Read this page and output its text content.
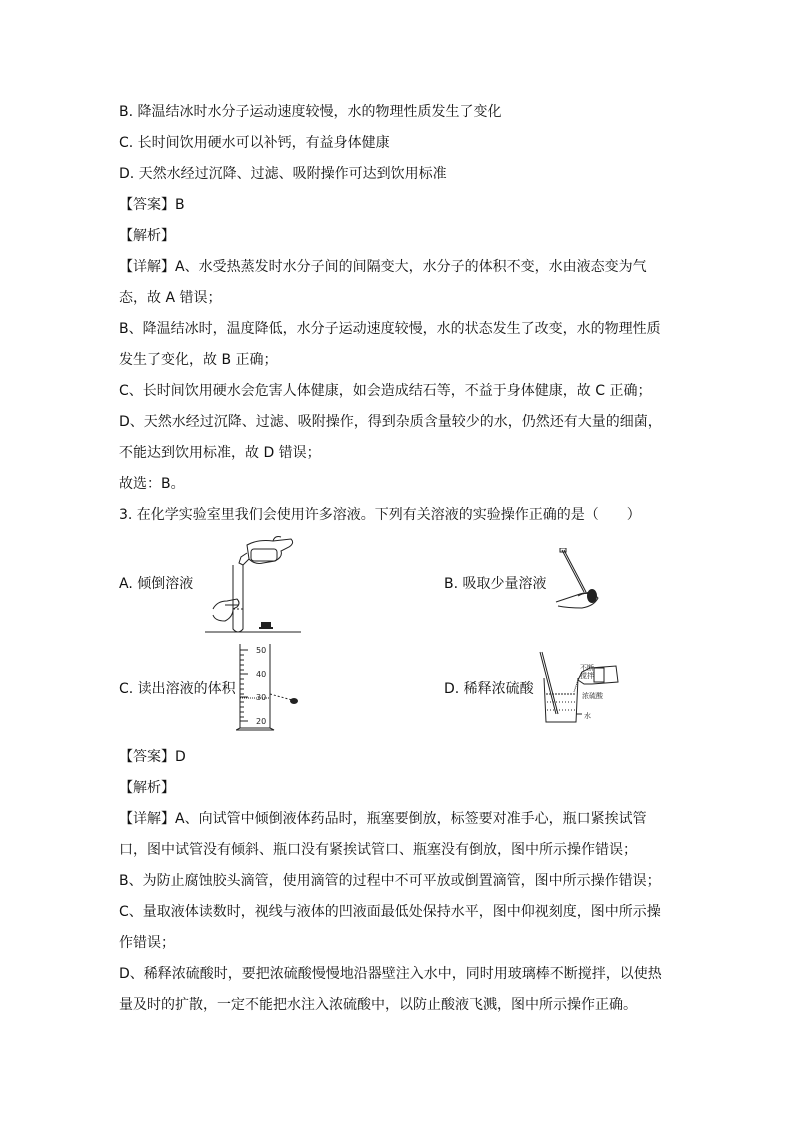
B. 降温结冰时水分子运动速度较慢，水的物理性质发生了变化
C. 长时间饮用硬水可以补钙，有益身体健康
D. 天然水经过沉降、过滤、吸附操作可达到饮用标准
【答案】B
【解析】
【详解】A、水受热蒸发时水分子间的间隔变大，水分子的体积不变，水由液态变为气
态，故 A 错误；
B、降温结冰时，温度降低，水分子运动速度较慢，水的状态发生了改变，水的物理性质
发生了变化，故 B 正确；
C、长时间饮用硬水会危害人体健康，如会造成结石等，不益于身体健康，故 C 正确；
D、天然水经过沉降、过滤、吸附操作，得到杂质含量较少的水，仍然还有大量的细菌，
不能达到饮用标准，故 D 错误；
故选：B。
3. 在化学实验室里我们会使用许多溶液。下列有关溶液的实验操作正确的是（　　）
A. 倾倒溶液	B. 吸取少量溶液
C. 读出溶液的体积	D. 稀释浓硫酸
50
40
30
20
不断
搅拌
浓硫酸
水
【答案】D
【解析】
【详解】A、向试管中倾倒液体药品时，瓶塞要倒放，标签要对准手心，瓶口紧挨试管
口，图中试管没有倾斜、瓶口没有紧挨试管口、瓶塞没有倒放，图中所示操作错误；
B、为防止腐蚀胶头滴管，使用滴管的过程中不可平放或倒置滴管，图中所示操作错误；
C、量取液体读数时，视线与液体的凹液面最低处保持水平，图中仰视刻度，图中所示操
作错误；
D、稀释浓硫酸时，要把浓硫酸慢慢地沿器壁注入水中，同时用玻璃棒不断搅拌，以使热
量及时的扩散，一定不能把水注入浓硫酸中，以防止酸液飞溅，图中所示操作正确。
